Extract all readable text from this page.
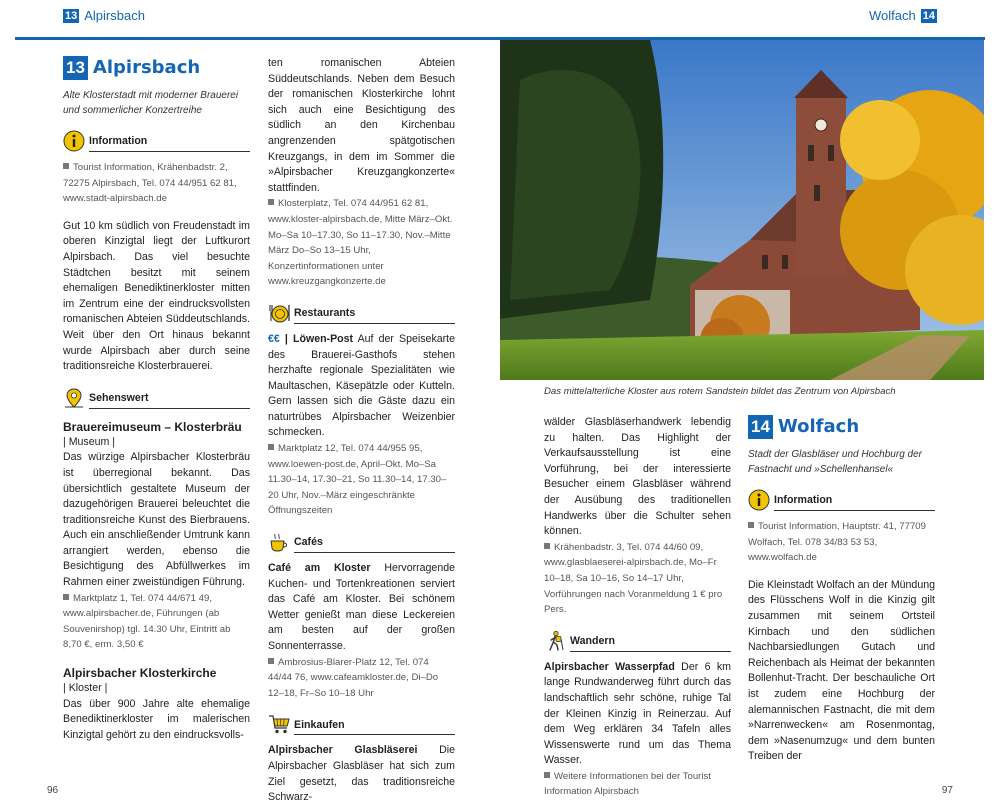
13 Alpirsbach	Wolfach 14
13 Alpirsbach

Alte Klosterstadt mit moderner Brauerei und sommerlicher Konzertreihe

Information

Tourist Information, Krähenbadstr. 2, 72275 Alpirsbach, Tel. 074 44/951 62 81, www.stadt-alpirsbach.de

Gut 10 km südlich von Freudenstadt im oberen Kinzigtal liegt der Luftkurort Alpirsbach. Das viel besuchte Städtchen besitzt mit seinem ehemaligen Benediktinerkloster mitten im Zentrum eine der eindrucksvollsten romanischen Abteien Süddeutschlands. Weit über den Ort hinaus bekannt wurde Alpirsbach aber durch seine traditionsreiche Klosterbrauerei.

Sehenswert

Brauereimuseum – Klosterbräu

| Museum |

Das würzige Alpirsbacher Klosterbräu ist überregional bekannt. Das übersichtlich gestaltete Museum der dazugehörigen Brauerei beleuchtet die traditionsreiche Kunst des Bierbrauens. Auch ein anschließender Umtrunk kann arrangiert werden, ebenso die Besichtigung des Abfüllwerkes im Rahmen einer zweistündigen Führung.

Marktplatz 1, Tel. 074 44/671 49, www.alpirsbacher.de, Führungen (ab Souvenirshop) tgl. 14.30 Uhr, Eintritt ab 8,70 €, erm. 3,50 €

Alpirsbacher Klosterkirche

| Kloster |

Das über 900 Jahre alte ehemalige Benediktinerkloster im malerischen Kinzigtal gehört zu den eindrucksvolls-

ten romanischen Abteien Süddeutschlands. Neben dem Besuch der romanischen Klosterkirche lohnt sich auch eine Besichtigung des südlich an den Kirchenbau angrenzenden spätgotischen Kreuzgangs, in dem im Sommer die »Alpirsbacher Kreuzgangkonzerte« stattfinden.

Klosterplatz, Tel. 074 44/951 62 81, www.kloster-alpirsbach.de, Mitte März–Okt. Mo–Sa 10–17.30, So 11–17.30, Nov.–Mitte März Do–So 13–15 Uhr, Konzertinformationen unter www.kreuzgangkonzerte.de

Restaurants

€€ | Löwen-Post Auf der Speisekarte des Brauerei-Gasthofs stehen herzhafte regionale Spezialitäten wie Maultaschen, Käsepätzle oder Kutteln. Gern lassen sich die Gäste dazu ein naturtrübes Alpirsbacher Weizenbier schmecken.

Marktplatz 12, Tel. 074 44/955 95, www.loewen-post.de, April–Okt. Mo–Sa 11.30–14, 17.30–21, So 11.30–14, 17.30–20 Uhr, Nov.–März eingeschränkte Öffnungszeiten

Cafés

Café am Kloster Hervorragende Kuchen- und Tortenkreationen serviert das Café am Kloster. Bei schönem Wetter genießt man diese Leckereien am besten auf der großen Sonnenterrasse.

Ambrosius-Blarer-Platz 12, Tel. 074 44/44 76, www.cafeamkloster.de, Di–Do 12–18, Fr–So 10–18 Uhr

Einkaufen

Alpirsbacher Glasbläserei Die Alpirsbacher Glasbläser hat sich zum Ziel gesetzt, das traditionsreiche Schwarz-

Das mittelalterliche Kloster aus rotem Sandstein bildet das Zentrum von Alpirsbach

wälder Glasbläserhandwerk lebendig zu halten. Das Highlight der Verkaufsausstellung ist eine Vorführung, bei der interessierte Besucher einem Glasbläser während der Ausübung des traditionellen Handwerks über die Schulter sehen können.

Krähenbadstr. 3, Tel. 074 44/60 09, www.glasblaeserei-alpirsbach.de, Mo–Fr 10–18, Sa 10–16, So 14–17 Uhr, Vorführungen nach Voranmeldung 1 € pro Pers.

Wandern

Alpirsbacher Wasserpfad Der 6 km lange Rundwanderweg führt durch das landschaftlich sehr schöne, ruhige Tal der Kleinen Kinzig in Reinerzau. Auf dem Weg erklären 34 Tafeln alles Wissenswerte rund um das Thema Wasser.

Weitere Informationen bei der Tourist Information Alpirsbach

14 Wolfach

Stadt der Glasbläser und Hochburg der Fastnacht und »Schellenhansel«

Information

Tourist Information, Hauptstr. 41, 77709 Wolfach, Tel. 078 34/83 53 53, www.wolfach.de

Die Kleinstadt Wolfach an der Mündung des Flüsschens Wolf in die Kinzig gilt zusammen mit seinem Ortsteil Kirnbach und den südlichen Nachbarsiedlungen Gutach und Reichenbach als Heimat der bekannten Bollenhut-Tracht. Der beschauliche Ort ist zudem eine Hochburg der alemannischen Fastnacht, die mit dem »Narrenwecken« am Rosenmontag, dem »Nasenumzug« und dem bunten Treiben der

96	97
